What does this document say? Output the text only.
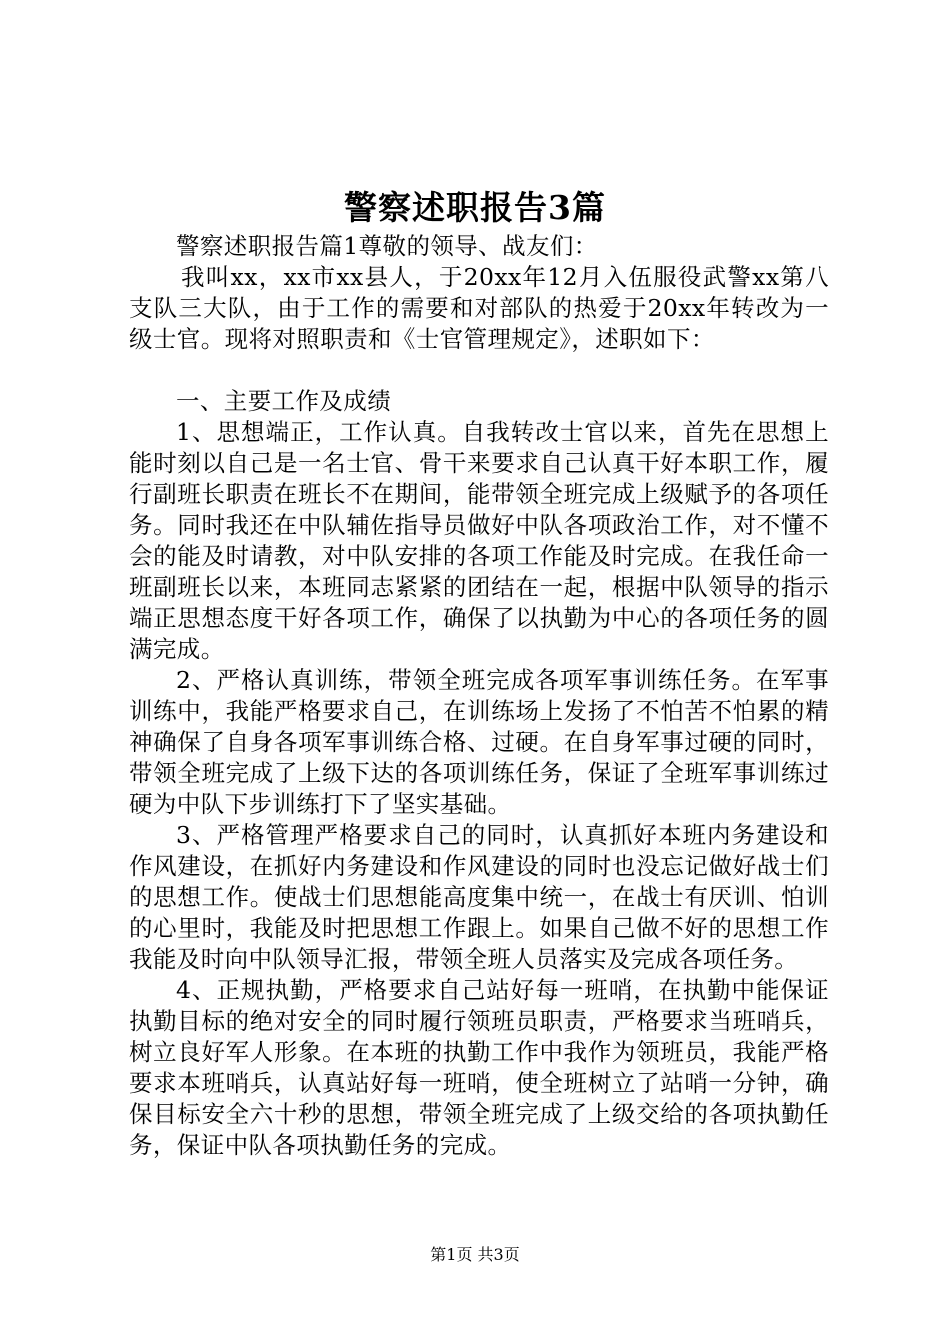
警察述职报告3篇

警察述职报告篇1尊敬的领导、战友们：

我叫xx，xx市xx县人，于20xx年12月入伍服役武警xx第八支队三大队，由于工作的需要和对部队的热爱于20xx年转改为一级士官。现将对照职责和《士官管理规定》，述职如下：

一、主要工作及成绩

1、思想端正，工作认真。自我转改士官以来，首先在思想上能时刻以自己是一名士官、骨干来要求自己认真干好本职工作，履行副班长职责在班长不在期间，能带领全班完成上级赋予的各项任务。同时我还在中队辅佐指导员做好中队各项政治工作，对不懂不会的能及时请教，对中队安排的各项工作能及时完成。在我任命一班副班长以来，本班同志紧紧的团结在一起，根据中队领导的指示端正思想态度干好各项工作，确保了以执勤为中心的各项任务的圆满完成。

2、严格认真训练，带领全班完成各项军事训练任务。在军事训练中，我能严格要求自己，在训练场上发扬了不怕苦不怕累的精神确保了自身各项军事训练合格、过硬。在自身军事过硬的同时，带领全班完成了上级下达的各项训练任务，保证了全班军事训练过硬为中队下步训练打下了坚实基础。

3、严格管理严格要求自己的同时，认真抓好本班内务建设和作风建设，在抓好内务建设和作风建设的同时也没忘记做好战士们的思想工作。使战士们思想能高度集中统一，在战士有厌训、怕训的心里时，我能及时把思想工作跟上。如果自己做不好的思想工作我能及时向中队领导汇报，带领全班人员落实及完成各项任务。

4、正规执勤，严格要求自己站好每一班哨，在执勤中能保证执勤目标的绝对安全的同时履行领班员职责，严格要求当班哨兵，树立良好军人形象。在本班的执勤工作中我作为领班员，我能严格要求本班哨兵，认真站好每一班哨，使全班树立了站哨一分钟，确保目标安全六十秒的思想，带领全班完成了上级交给的各项执勤任务，保证中队各项执勤任务的完成。

第1页 共3页
